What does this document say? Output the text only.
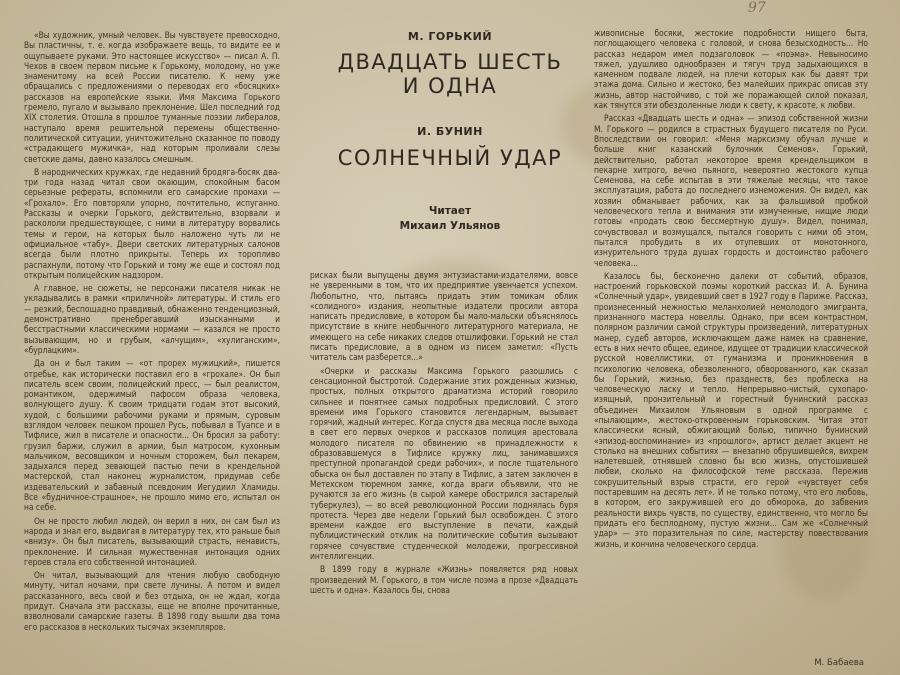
97
М. ГОРЬКИЙ
ДВАДЦАТЬ ШЕСТЬ
И ОДНА
И. БУНИН
СОЛНЕЧНЫЙ УДАР
Читает
Михаил Ульянов

«Вы художник, умный человек. Вы чувствуете превосходно, Вы пластичны, т. е. когда изображаете вещь, то видите ее и ощупываете руками. Это настоящее искусство» — писал А. П. Чехов в своем первом письме к Горькому, молодому, но уже знаменитому на всей России писателю. К нему уже обращались с предложениями о переводах его «босяцких» рассказов на европейские языки. Имя Максима Горького гремело, пугало и вызывало преклонение. Шел последний год XIX столетия. Отошла в прошлое туманные поэзии либералов, наступало время решительной перемены общественно-политической ситуации, уничтожительно сказанное по поводу «страдающего мужичка», над которым проливали слезы светские дамы, давно казалось смешным.

В народнических кружках, где недавний бродяга-босяк два-три года назад читал свои окающим, спокойным басом серьезные рефераты, вспомнили его самарские промахи — «Грохало». Его повторяли упорно, почтительно, испуганно. Рассказы и очерки Горького, действительно, взорвали и раскололи предшествующее, с ними в литературу ворвались темы и герои, на которых было наложено чуть ли не официальное «табу». Двери светских литературных салонов всегда были плотно прикрыты. Теперь их торопливо распахнули, потому что Горький и тому же еще и состоял под открытым полицейским надзором.

А главное, не сюжеты, не персонажи писателя никак не укладывались в рамки «приличной» литературы. И стиль его — резкий, беспощадно правдивый, обнаженно тенденциозный, демонстративно пренебрегавший изысканными и бесстрастными классическими нормами — казался не просто вызывающим, но и грубым, «алчущим», «хулиганским», «бурлацким».

Да он и был таким — «от прорех мужицкий», пишется отребье, как исторически поставил его в «грохале». Он был писатель всем своим, полицейский пресс, — был реалистом, романтиком, одержимый пафосом образа человека, волнующего душу. К своим тридцати годам этот высокий, худой, с большими рабочими руками и прямым, суровым взглядом человек пешком прошел Русь, побывал в Туапсе и в Тифлисе, жил в писателе и опасности... Он бросил за работу: грузил баржи, служил в армии, был матросом, кухонным мальчиком, весовщиком и ночным сторожем, был пекарем, задыхался перед зевающей пастью печи в крендельной мастерской, стал наконец журналистом, придумав себе издевательский и забавный псевдоним Иегудиил Хламиды. Все «будничное-страшное», не прошло мимо его, испытал он на себе.

Он не просто любил людей, он верил в них, он сам был из народа и знал его, выдвигая в литературу тех, кто раньше был «внизу». Он был писатель, вызывающий страсть, ненависть, преклонение. И сильная мужественная интонация одних героев стала его собственной интонацией.

Он читал, вызывающий для чтения любую свободную минуту, читал ночами, при свете лучины. А потом и видел рассказанного, весь свой и без отдыха, он не ждал, когда придут. Сначала эти рассказы, еще не вполне прочитанные, взволновали самарские газеты. В 1898 году вышли два тома его рассказов в нескольких тысячах экземпляров.

рисках были выпущены двумя энтузиастами-издателями, вовсе не уверенными в том, что их предприятие увенчается успехом. Любопытно, что, пытаясь придать этим томикам облик «солидного» издания, неопытные издатели просили автора написать предисловие, в котором бы мало-мальски объяснялось присутствие в книге необычного литературного материала, не имеющего на себе никаких следов отшлифовки. Горький не стал писать предисловие, а в одном из писем заметил: «Пусть читатель сам разберется...»

«Очерки и рассказы Максима Горького разошлись с сенсационной быстротой. Содержание этих рожденных жизнью, простых, полных открытого драматизма историй говорило сильнее и понятнее самых подробных предисловий. С этого времени имя Горького становится легендарным, вызывает горячий, жадный интерес. Когда спустя два месяца после выхода в свет его первых очерков и рассказов полиция арестовала молодого писателя по обвинению «в принадлежности к образовавшемуся в Тифлисе кружку лиц, занимавшихся преступной пропагандой среди рабочих», и после тщательного обыска он был доставлен по этапу в Тифлис, а затем заключен в Метехском тюремном замке, когда враги объявили, что не ручаются за его жизнь (в сырой камере обострился застарелый туберкулез), — во всей революционной России поднялась буря протеста. Через две недели Горький был освобожден. С этого времени каждое его выступление в печати, каждый публицистический отклик на политические события вызывают горячее сочувствие студенческой молодежи, прогрессивной интеллигенции.

В 1899 году в журнале «Жизнь» появляется ряд новых произведений М. Горького, в том числе поэма в прозе «Двадцать шесть и одна». Казалось бы, снова

живописные босяки, жестокие подробности нищего быта, поглощающего человека с головой, и снова безысходность... Но рассказ недаром имел подзаголовок — «поэма». Невыносимо тяжел, удушливо однообразен и тягуч труд задыхающихся в каменном подвале людей, на плечи которых как бы давят три этажа дома. Сильно и жестоко, без малейших прикрас описав эту жизнь, автор настойчиво, с той же поражающей силой показал, как тянутся эти обездоленные люди к свету, к красоте, к любви.

Рассказ «Двадцать шесть и одна» — эпизод собственной жизни М. Горького — родился в страстных будущего писателя по Руси. Впоследствии он говорил: «Меня марксизму обучал лучше и больше книг казанский булочник Семенов». Горький, действительно, работал некоторое время крендельщиком в пекарне хитрого, вечно пьяного, невероятно жестокого купца Семенова, на себе испытав в эти тяжелые месяцы, что такое эксплуатация, работа до последнего изнеможения. Он видел, как хозяин обманывает рабочих, как за фальшивой пробкой человеческого тепла и внимания эти измученные, нищие люди готовы «продать свою бессмертную душу». Видел, понимал, сочувствовал и возмущался, пытался говорить с ними об этом, пытался пробудить в их отупевших от монотонного, изнурительного труда душах гордость и достоинство рабочего человека...

Казалось бы, бесконечно далеки от событий, образов, настроений горьковской поэмы короткий рассказ И. А. Бунина «Солнечный удар», увидевший свет в 1927 году в Париже. Рассказ, произнесенный нежностью меланхолией немолодого эмигранта, признанного мастера новеллы. Однако, при всем контрастном, полярном различии самой структуры произведений, литературных манер, судеб авторов, исключающем даже намек на сравнение, есть в них нечто общее, единое, идущее от традиции классической русской новеллистики, от гуманизма и проникновения в психологию человека, обезволенного, обворованного, как сказал бы Горький, жизнью, без празднеств, без проблеска на человеческую ласку и тепло. Непрерывно-чистый, сухопаро-изящный, пронзительный и горестный бунинский рассказ объединен Михаилом Ульяновым в одной программе с «пылающим», жестоко-откровенным горьковским. Читая этот классически ясный, обжигающий болью, типично бунинский «эпизод-воспоминание» из «прошлого», артист делает акцент не столько на внешних событиях — внезапно обрушившейся, вихрем налетевшей, отнявшей словно бы всю жизнь, опустошившей любви, сколько на философской теме рассказа. Пережив сокрушительный взрыв страсти, его герой «чувствует себя постаревшим на десять лет». И не только потому, что его любовь, в котором, его закружившей его до обморока, до забвения реальности вихрь чувств, по существу, единственно, что могло бы придать его бесплодному, пустую жизни... Сам же «Солнечный удар» — это поразительная по силе, мастерству повествования жизнь, и кончина человеческого сердца.

М. Бабаева
